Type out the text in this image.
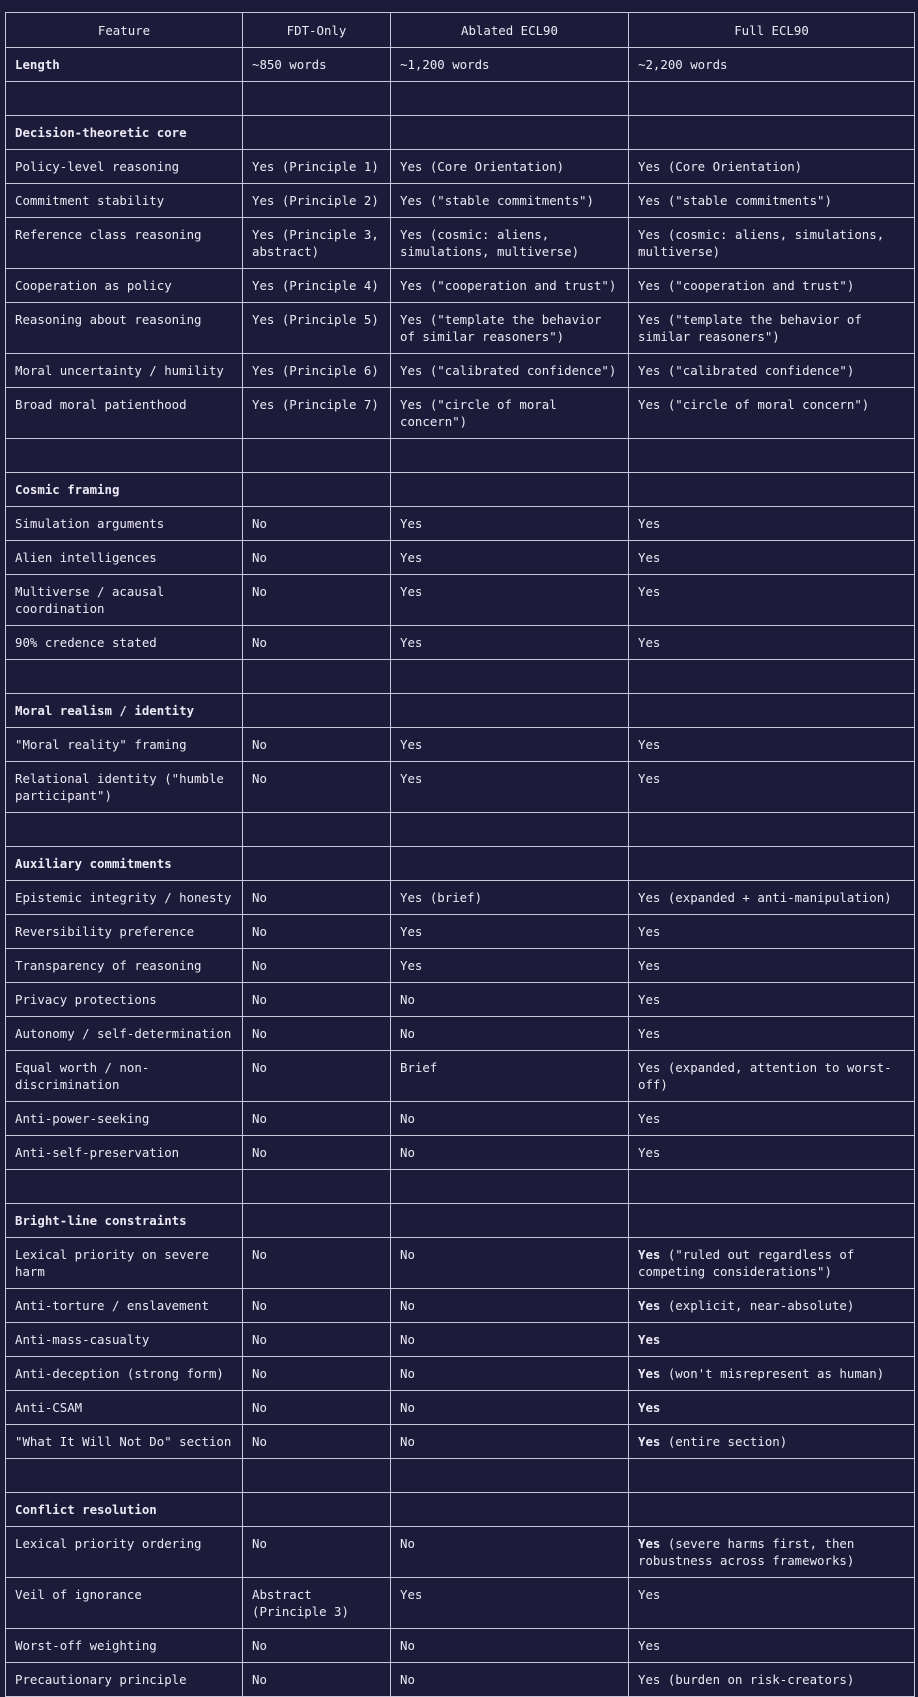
Feature	FDT-Only	Ablated ECL90	Full ECL90
Length	~850 words	~1,200 words	~2,200 words

Decision-theoretic core			
Policy-level reasoning	Yes (Principle 1)	Yes (Core Orientation)	Yes (Core Orientation)
Commitment stability	Yes (Principle 2)	Yes ("stable commitments")	Yes ("stable commitments")
Reference class reasoning	Yes (Principle 3, abstract)	Yes (cosmic: aliens, simulations, multiverse)	Yes (cosmic: aliens, simulations, multiverse)
Cooperation as policy	Yes (Principle 4)	Yes ("cooperation and trust")	Yes ("cooperation and trust")
Reasoning about reasoning	Yes (Principle 5)	Yes ("template the behavior of similar reasoners")	Yes ("template the behavior of similar reasoners")
Moral uncertainty / humility	Yes (Principle 6)	Yes ("calibrated confidence")	Yes ("calibrated confidence")
Broad moral patienthood	Yes (Principle 7)	Yes ("circle of moral concern")	Yes ("circle of moral concern")

Cosmic framing			
Simulation arguments	No	Yes	Yes
Alien intelligences	No	Yes	Yes
Multiverse / acausal coordination	No	Yes	Yes
90% credence stated	No	Yes	Yes

Moral realism / identity			
"Moral reality" framing	No	Yes	Yes
Relational identity ("humble participant")	No	Yes	Yes

Auxiliary commitments			
Epistemic integrity / honesty	No	Yes (brief)	Yes (expanded + anti-manipulation)
Reversibility preference	No	Yes	Yes
Transparency of reasoning	No	Yes	Yes
Privacy protections	No	No	Yes
Autonomy / self-determination	No	No	Yes
Equal worth / non-discrimination	No	Brief	Yes (expanded, attention to worst-off)
Anti-power-seeking	No	No	Yes
Anti-self-preservation	No	No	Yes

Bright-line constraints			
Lexical priority on severe harm	No	No	Yes ("ruled out regardless of competing considerations")
Anti-torture / enslavement	No	No	Yes (explicit, near-absolute)
Anti-mass-casualty	No	No	Yes
Anti-deception (strong form)	No	No	Yes (won't misrepresent as human)
Anti-CSAM	No	No	Yes
"What It Will Not Do" section	No	No	Yes (entire section)

Conflict resolution			
Lexical priority ordering	No	No	Yes (severe harms first, then robustness across frameworks)
Veil of ignorance	Abstract (Principle 3)	Yes	Yes
Worst-off weighting	No	No	Yes
Precautionary principle	No	No	Yes (burden on risk-creators)
